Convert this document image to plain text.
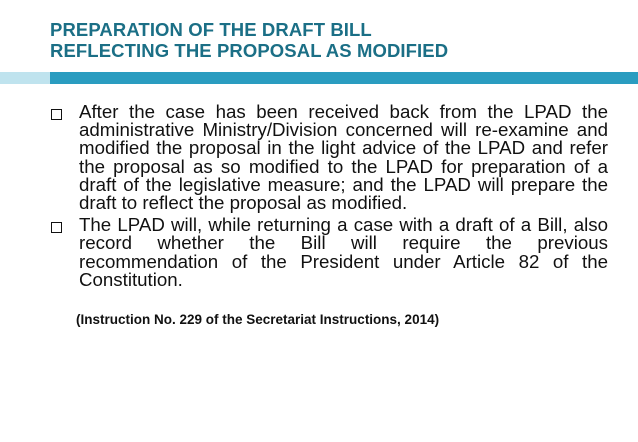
PREPARATION OF THE DRAFT BILL
REFLECTING THE PROPOSAL AS MODIFIED
After the case has been received back from the LPAD the administrative Ministry/Division concerned will re-examine and modified the proposal in the light advice of the LPAD and refer the proposal as so modified to the LPAD for preparation of a draft of the legislative measure; and the LPAD will prepare the draft to reflect the proposal as modified.
The LPAD will, while returning a case with a draft of a Bill, also record whether the Bill will require the previous recommendation of the President under Article 82 of the Constitution.
(Instruction No. 229 of the Secretariat Instructions, 2014)
